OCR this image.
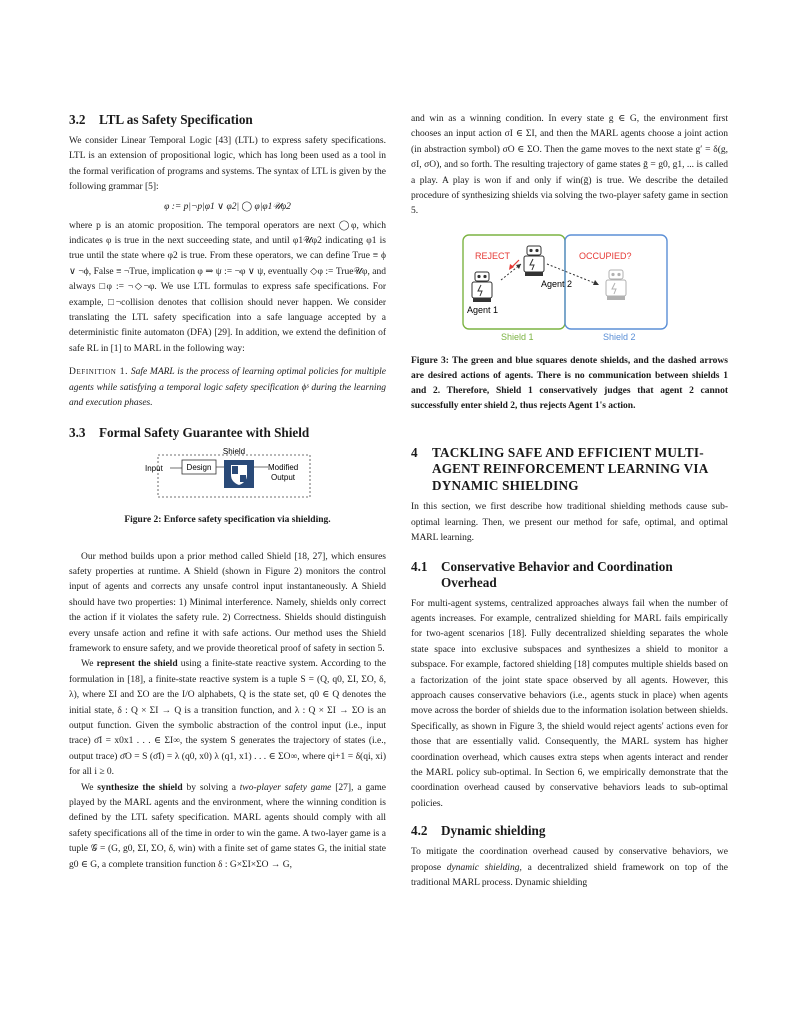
3.2 LTL as Safety Specification

We consider Linear Temporal Logic [43] (LTL) to express safety specifications. LTL is an extension of propositional logic, which has long been used as a tool in the formal verification of programs and systems. The syntax of LTL is given by the following grammar [5]:

φ := p|¬p|φ1 ∨ φ2| ◯ φ|φ1𝒰φ2

where p is an atomic proposition. The temporal operators are next ◯φ, which indicates φ is true in the next succeeding state, and until φ1𝒰φ2 indicating φ1 is true until the state where φ2 is true. From these operators, we can define True ≡ ϕ ∨ ¬ϕ, False ≡ ¬True, implication φ ⇒ ψ := ¬φ ∨ ψ, eventually ◇φ := True𝒰φ, and always □φ := ¬◇¬φ. We use LTL formulas to express safe specifications. For example, □¬collision denotes that collision should never happen. We consider translating the LTL safety specification into a safe language accepted by a deterministic finite automaton (DFA) [29]. In addition, we extend the definition of safe RL in [1] to MARL in the following way:

Definition 1. Safe MARL is the process of learning optimal policies for multiple agents while satisfying a temporal logic safety specification ϕˢ during the learning and execution phases.

3.3 Formal Safety Guarantee with Shield
Shield
Input	Design	Modified
Output
Figure 2: Enforce safety specification via shielding.

Our method builds upon a prior method called Shield [18, 27], which ensures safety properties at runtime. A Shield (shown in Figure 2) monitors the control input of agents and corrects any unsafe control input instantaneously. A Shield should have two properties: 1) Minimal interference. Namely, shields only correct the action if it violates the safety rule. 2) Correctness. Shields should distinguish every unsafe action and refine it with safe actions. Our method uses the Shield framework to ensure safety, and we provide theoretical proof of safety in section 5.

We represent the shield using a finite-state reactive system. According to the formulation in [18], a finite-state reactive system is a tuple S = (Q, q0, ΣI, ΣO, δ, λ), where ΣI and ΣO are the I/O alphabets, Q is the state set, q0 ∈ Q denotes the initial state, δ : Q × ΣI → Q is a transition function, and λ : Q × ΣI → ΣO is an output function. Given the symbolic abstraction of the control input (i.e., input trace) σ̄I = x0x1 . . . ∈ ΣI∞, the system S generates the trajectory of states (i.e., output trace) σ̄O = S (σ̄I) = λ (q0, x0) λ (q1, x1) . . . ∈ ΣO∞, where qi+1 = δ(qi, xi) for all i ≥ 0.

We synthesize the shield by solving a two-player safety game [27], a game played by the MARL agents and the environment, where the winning condition is defined by the LTL safety specification. MARL agents should comply with all safety specifications all of the time in order to win the game. A two-layer game is a tuple 𝒢 = (G, g0, ΣI, ΣO, δ, win) with a finite set of game states G, the initial state g0 ∈ G, a complete transition function δ : G×ΣI×ΣO → G,

and win as a winning condition. In every state g ∈ G, the environment first chooses an input action σI ∈ ΣI, and then the MARL agents choose a joint action (in abstraction symbol) σO ∈ ΣO. Then the game moves to the next state g′ = δ(g, σI, σO), and so forth. The resulting trajectory of game states ḡ = g0, g1, ... is called a play. A play is won if and only if win(ḡ) is true. We describe the detailed procedure of synthesizing shields via solving the two-player safety game in section 5.

REJECT	OCCUPIED?
Agent 2
Agent 1
Shield 1	Shield 2
Figure 3: The green and blue squares denote shields, and the dashed arrows are desired actions of agents. There is no communication between shields 1 and 2. Therefore, Shield 1 conservatively judges that agent 2 cannot successfully enter shield 2, thus rejects Agent 1's action.
4	TACKLING SAFE AND EFFICIENT MULTI-AGENT REINFORCEMENT LEARNING VIA DYNAMIC SHIELDING

In this section, we first describe how traditional shielding methods cause sub-optimal learning. Then, we present our method for safe, optimal, and optimal MARL learning.

4.1	Conservative Behavior and Coordination Overhead

For multi-agent systems, centralized approaches always fail when the number of agents increases. For example, centralized shielding for MARL fails empirically for two-agent scenarios [18]. Fully decentralized shielding separates the whole state space into exclusive subspaces and synthesizes a shield to monitor a subspace. For example, factored shielding [18] computes multiple shields based on a factorization of the joint state space observed by all agents. However, this approach causes conservative behaviors (i.e., agents stuck in place) when agents move across the border of shields due to the information isolation between shields. Specifically, as shown in Figure 3, the shield would reject agents' actions even for those that are essentially valid. Consequently, the MARL system has higher coordination overhead, which causes extra steps when agents interact and render the MARL policy sub-optimal. In Section 6, we empirically demonstrate that the coordination overhead caused by conservative behaviors leads to sub-optimal policies.

4.2 Dynamic shielding

To mitigate the coordination overhead caused by conservative behaviors, we propose dynamic shielding, a decentralized shield framework on top of the traditional MARL process. Dynamic shielding
